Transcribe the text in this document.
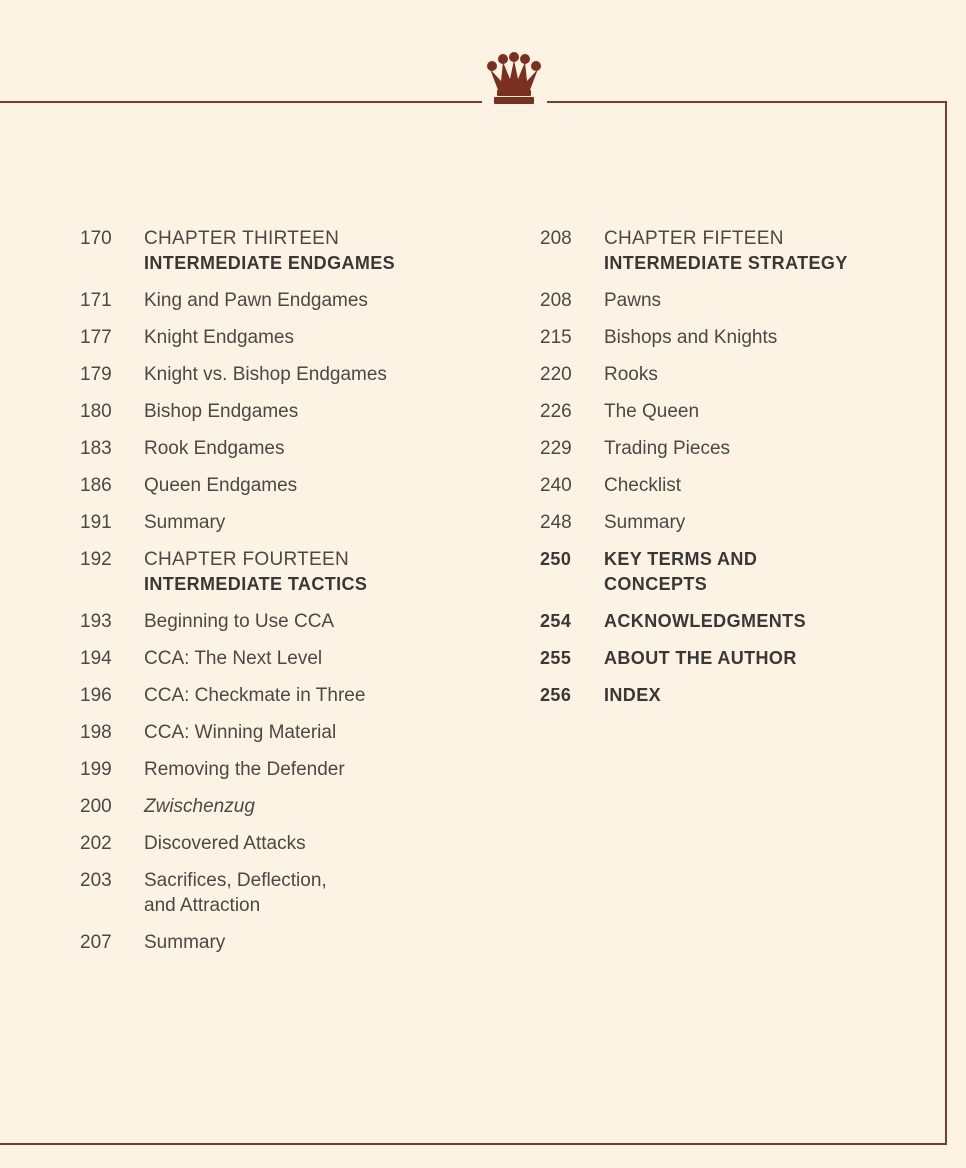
170	CHAPTER THIRTEEN
INTERMEDIATE ENDGAMES
171	King and Pawn Endgames
177	Knight Endgames
179	Knight vs. Bishop Endgames
180	Bishop Endgames
183	Rook Endgames
186	Queen Endgames
191	Summary
192	CHAPTER FOURTEEN
INTERMEDIATE TACTICS
193	Beginning to Use CCA
194	CCA: The Next Level
196	CCA: Checkmate in Three
198	CCA: Winning Material
199	Removing the Defender
200	Zwischenzug
202	Discovered Attacks
203	Sacrifices, Deflection,
and Attraction
207	Summary
208	CHAPTER FIFTEEN
INTERMEDIATE STRATEGY
208	Pawns
215	Bishops and Knights
220	Rooks
226	The Queen
229	Trading Pieces
240	Checklist
248	Summary
250	KEY TERMS AND
CONCEPTS
254	ACKNOWLEDGMENTS
255	ABOUT THE AUTHOR
256	INDEX
